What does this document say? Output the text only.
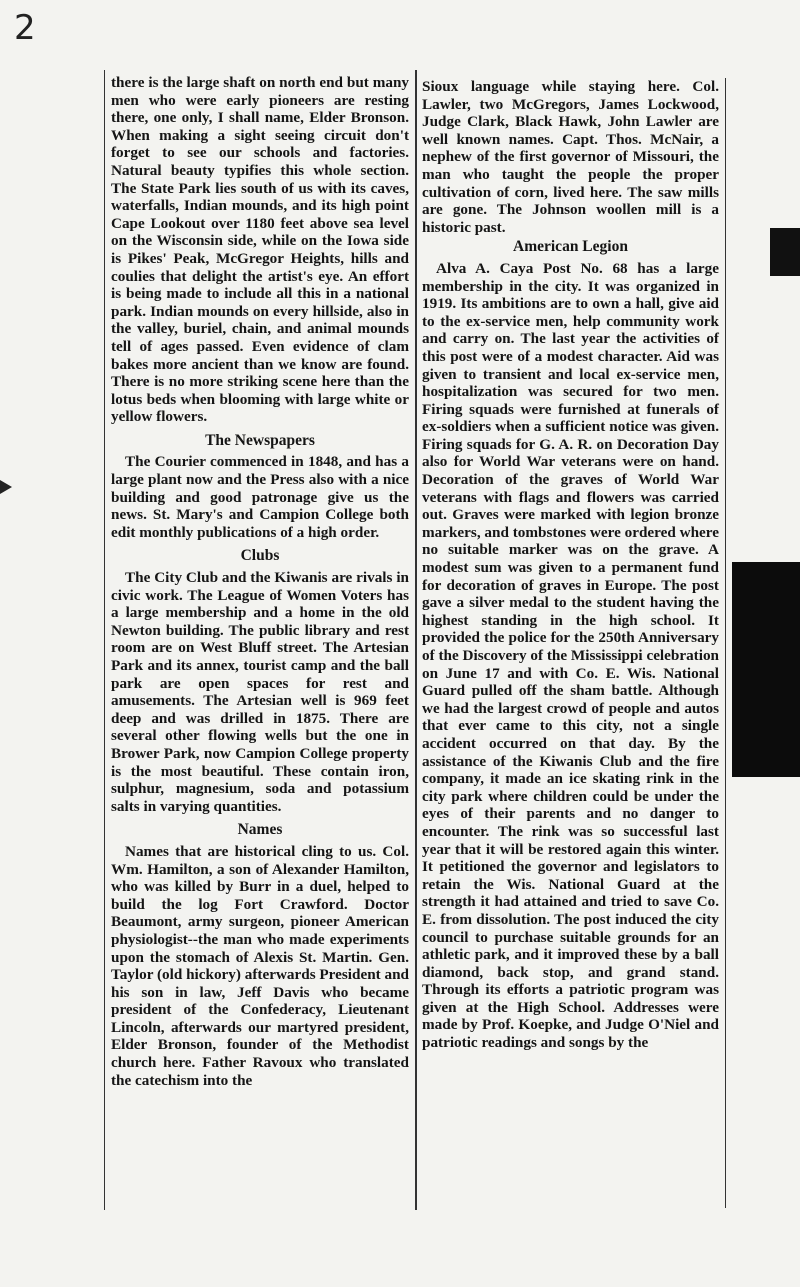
2

there is the large shaft on north end but many men who were early pioneers are resting there, one only, I shall name, Elder Bronson. When making a sight seeing circuit don't forget to see our schools and factories. Natural beauty typifies this whole section. The State Park lies south of us with its caves, waterfalls, Indian mounds, and its high point Cape Lookout over 1180 feet above sea level on the Wisconsin side, while on the Iowa side is Pikes' Peak, McGregor Heights, hills and coulies that delight the artist's eye. An effort is being made to include all this in a national park. Indian mounds on every hillside, also in the valley, buriel, chain, and animal mounds tell of ages passed. Even evidence of clam bakes more ancient than we know are found. There is no more striking scene here than the lotus beds when blooming with large white or yellow flowers.

The Newspapers

The Courier commenced in 1848, and has a large plant now and the Press also with a nice building and good patronage give us the news. St. Mary's and Campion College both edit monthly publications of a high order.

Clubs

The City Club and the Kiwanis are rivals in civic work. The League of Women Voters has a large membership and a home in the old Newton building. The public library and rest room are on West Bluff street. The Artesian Park and its annex, tourist camp and the ball park are open spaces for rest and amusements. The Artesian well is 969 feet deep and was drilled in 1875. There are several other flowing wells but the one in Brower Park, now Campion College property is the most beautiful. These contain iron, sulphur, magnesium, soda and potassium salts in varying quantities.

Names

Names that are historical cling to us. Col. Wm. Hamilton, a son of Alexander Hamilton, who was killed by Burr in a duel, helped to build the log Fort Crawford. Doctor Beaumont, army surgeon, pioneer American physiologist--the man who made experiments upon the stomach of Alexis St. Martin. Gen. Taylor (old hickory) afterwards President and his son in law, Jeff Davis who became president of the Confederacy, Lieutenant Lincoln, afterwards our martyred president, Elder Bronson, founder of the Methodist church here. Father Ravoux who translated the catechism into the

Sioux language while staying here. Col. Lawler, two McGregors, James Lockwood, Judge Clark, Black Hawk, John Lawler are well known names. Capt. Thos. McNair, a nephew of the first governor of Missouri, the man who taught the people the proper cultivation of corn, lived here. The saw mills are gone. The Johnson woollen mill is a historic past.

American Legion

Alva A. Caya Post No. 68 has a large membership in the city. It was organized in 1919. Its ambitions are to own a hall, give aid to the ex-service men, help community work and carry on. The last year the activities of this post were of a modest character. Aid was given to transient and local ex-service men, hospitalization was secured for two men. Firing squads were furnished at funerals of ex-soldiers when a sufficient notice was given. Firing squads for G. A. R. on Decoration Day also for World War veterans were on hand. Decoration of the graves of World War veterans with flags and flowers was carried out. Graves were marked with legion bronze markers, and tombstones were ordered where no suitable marker was on the grave. A modest sum was given to a permanent fund for decoration of graves in Europe. The post gave a silver medal to the student having the highest standing in the high school. It provided the police for the 250th Anniversary of the Discovery of the Mississippi celebration on June 17 and with Co. E. Wis. National Guard pulled off the sham battle. Although we had the largest crowd of people and autos that ever came to this city, not a single accident occurred on that day. By the assistance of the Kiwanis Club and the fire company, it made an ice skating rink in the city park where children could be under the eyes of their parents and no danger to encounter. The rink was so successful last year that it will be restored again this winter. It petitioned the governor and legislators to retain the Wis. National Guard at the strength it had attained and tried to save Co. E. from dissolution. The post induced the city council to purchase suitable grounds for an athletic park, and it improved these by a ball diamond, back stop, and grand stand. Through its efforts a patriotic program was given at the High School. Addresses were made by Prof. Koepke, and Judge O'Niel and patriotic readings and songs by the
